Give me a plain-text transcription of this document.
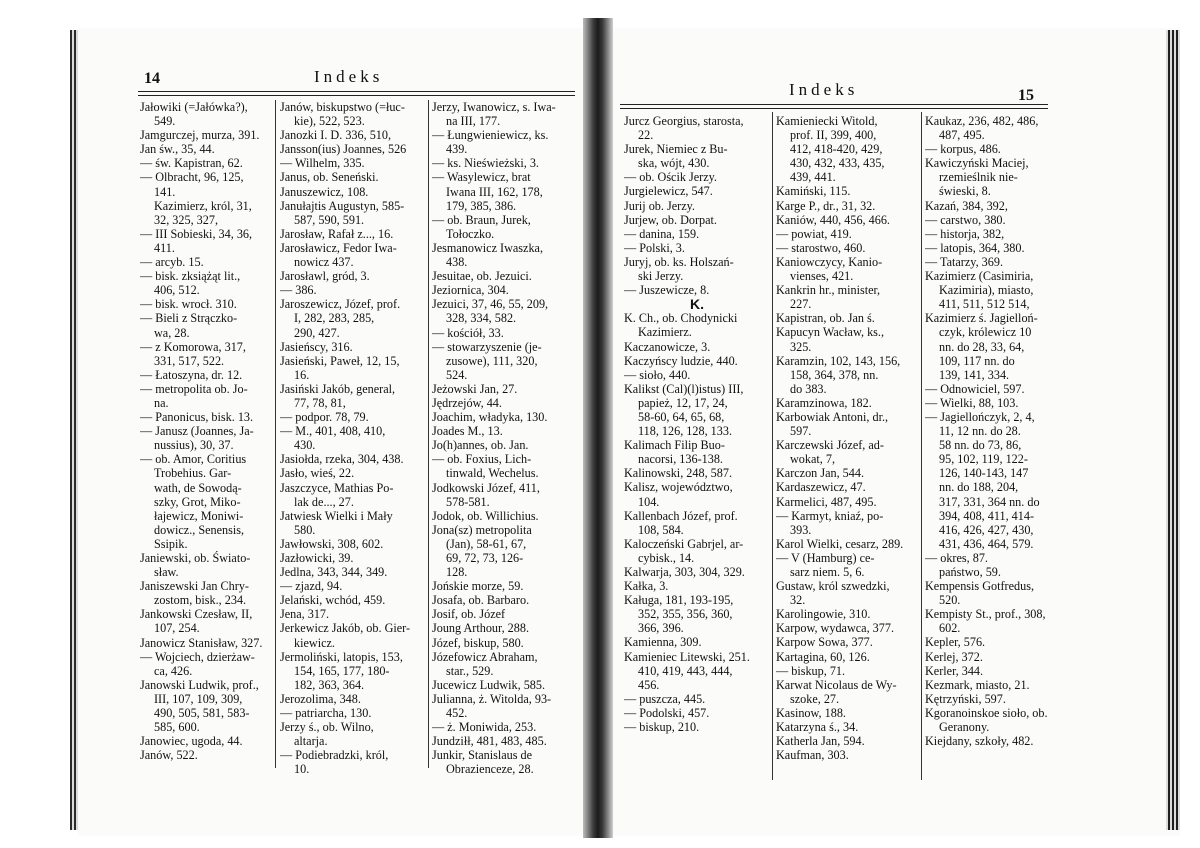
14	Indeks
Indeks	15
Jałowiki (=Jałówka?),
549.
Jamgurczej, murza, 391.
Jan św., 35, 44.
— św. Kapistran, 62.
— Olbracht, 96, 125,
141.
Kazimierz, król, 31,
32, 325, 327,
— III Sobieski, 34, 36,
411.
— arcyb. 15.
— bisk. zksiążąt lit.,
406, 512.
— bisk. wrocł. 310.
— Bieli z Strączko-
wa, 28.
— z Komorowa, 317,
331, 517, 522.
— Łatoszyna, dr. 12.
— metropolita ob. Jo-
na.
— Panonicus, bisk. 13.
— Janusz (Joannes, Ja-
nussius), 30, 37.
— ob. Amor, Coritius
Trobehius. Gar-
wath, de Sowodą-
szky, Grot, Miko-
łajewicz, Moniwi-
dowicz., Senensis,
Ssipik.
Janiewski, ob. Świato-
sław.
Janiszewski Jan Chry-
zostom, bisk., 234.
Jankowski Czesław, II,
107, 254.
Janowicz Stanisław, 327.
— Wojciech, dzierżaw-
ca, 426.
Janowski Ludwik, prof.,
III, 107, 109, 309,
490, 505, 581, 583-
585, 600.
Janowiec, ugoda, 44.
Janów, 522.
Janów, biskupstwo (=łuc-
kie), 522, 523.
Janozki I. D. 336, 510,
Jansson(ius) Joannes, 526
— Wilhelm, 335.
Janus, ob. Seneński.
Januszewicz, 108.
Janułajtis Augustyn, 585-
587, 590, 591.
Jarosław, Rafał z..., 16.
Jarosławicz, Fedor Iwa-
nowicz 437.
Jarosławl, gród, 3.
— 386.
Jaroszewicz, Józef, prof.
I, 282, 283, 285,
290, 427.
Jasieńscy, 316.
Jasieński, Paweł, 12, 15,
16.
Jasiński Jakób, general,
77, 78, 81,
— podpor. 78, 79.
— M., 401, 408, 410,
430.
Jasiołda, rzeka, 304, 438.
Jasło, wieś, 22.
Jaszczyce, Mathias Po-
lak de..., 27.
Jatwiesk Wielki i Mały
580.
Jawłowski, 308, 602.
Jazłowicki, 39.
Jedlna, 343, 344, 349.
— zjazd, 94.
Jelański, wchód, 459.
Jena, 317.
Jerkewicz Jakób, ob. Gier-
kiewicz.
Jermoliński, latopis, 153,
154, 165, 177, 180-
182, 363, 364.
Jerozolima, 348.
— patriarcha, 130.
Jerzy ś., ob. Wilno,
altarja.
— Podiebradzki, król,
10.
Jerzy, Iwanowicz, s. Iwa-
na III, 177.
— Łungwieniewicz, ks.
439.
— ks. Nieświeżski, 3.
— Wasylewicz, brat
Iwana III, 162, 178,
179, 385, 386.
— ob. Braun, Jurek,
Tołoczko.
Jesmanowicz Iwaszka,
438.
Jesuitae, ob. Jezuici.
Jeziornica, 304.
Jezuici, 37, 46, 55, 209,
328, 334, 582.
— kościół, 33.
— stowarzyszenie (je-
zusowe), 111, 320,
524.
Jeżowski Jan, 27.
Jędrzejów, 44.
Joachim, władyka, 130.
Joades M., 13.
Jo(h)annes, ob. Jan.
— ob. Foxius, Lich-
tinwald, Wechelus.
Jodkowski Józef, 411,
578-581.
Jodok, ob. Willichius.
Jona(sz) metropolita
(Jan), 58-61, 67,
69, 72, 73, 126-
128.
Jońskie morze, 59.
Josafa, ob. Barbaro.
Josif, ob. Józef
Joung Arthour, 288.
Józef, biskup, 580.
Józefowicz Abraham,
star., 529.
Jucewicz Ludwik, 585.
Julianna, ż. Witolda, 93-
452.
— ż. Moniwida, 253.
Jundziłł, 481, 483, 485.
Junkir, Stanislaus de
Obrazienceze, 28.
Jurcz Georgius, starosta,
22.
Jurek, Niemiec z Bu-
ska, wójt, 430.
— ob. Ościk Jerzy.
Jurgielewicz, 547.
Jurij ob. Jerzy.
Jurjew, ob. Dorpat.
— danina, 159.
— Polski, 3.
Juryj, ob. ks. Holszań-
ski Jerzy.
— Juszewicze, 8.
K.
K. Ch., ob. Chodynicki
Kazimierz.
Kaczanowicze, 3.
Kaczyńscy ludzie, 440.
— sioło, 440.
Kalikst (Cal)(l)istus) III,
papież, 12, 17, 24,
58-60, 64, 65, 68,
118, 126, 128, 133.
Kalimach Filip Buo-
nacorsi, 136-138.
Kalinowski, 248, 587.
Kalisz, województwo,
104.
Kallenbach Józef, prof.
108, 584.
Kaloczeński Gabrjel, ar-
cybisk., 14.
Kalwarja, 303, 304, 329.
Kałka, 3.
Kaługa, 181, 193-195,
352, 355, 356, 360,
366, 396.
Kamienna, 309.
Kamieniec Litewski, 251.
410, 419, 443, 444,
456.
— puszcza, 445.
— Podolski, 457.
— biskup, 210.
Kamieniecki Witold,
prof. II, 399, 400,
412, 418-420, 429,
430, 432, 433, 435,
439, 441.
Kamiński, 115.
Karge P., dr., 31, 32.
Kaniów, 440, 456, 466.
— powiat, 419.
— starostwo, 460.
Kaniowczycy, Kanio-
vienses, 421.
Kankrin hr., minister,
227.
Kapistran, ob. Jan ś.
Kapucyn Wacław, ks.,
325.
Karamzin, 102, 143, 156,
158, 364, 378, nn.
do 383.
Karamzinowa, 182.
Karbowiak Antoni, dr.,
597.
Karczewski Józef, ad-
wokat, 7,
Karczon Jan, 544.
Kardaszewicz, 47.
Karmelici, 487, 495.
— Karmyt, kniaź, po-
393.
Karol Wielki, cesarz, 289.
— V (Hamburg) ce-
sarz niem. 5, 6.
Gustaw, król szwedzki,
32.
Karolingowie, 310.
Karpow, wydawca, 377.
Karpow Sowa, 377.
Kartagina, 60, 126.
— biskup, 71.
Karwat Nicolaus de Wy-
szoke, 27.
Kasinow, 188.
Katarzyna ś., 34.
Katherla Jan, 594.
Kaufman, 303.
Kaukaz, 236, 482, 486,
487, 495.
— korpus, 486.
Kawiczyński Maciej,
rzemieślnik nie-
świeski, 8.
Kazań, 384, 392,
— carstwo, 380.
— historja, 382,
— latopis, 364, 380.
— Tatarzy, 369.
Kazimierz (Casimiria,
Kazimiria), miasto,
411, 511, 512 514,
Kazimierz ś. Jagielloń-
czyk, królewicz 10
nn. do 28, 33, 64,
109, 117 nn. do
139, 141, 334.
— Odnowiciel, 597.
— Wielki, 88, 103.
— Jagiellończyk, 2, 4,
11, 12 nn. do 28.
58 nn. do 73, 86,
95, 102, 119, 122-
126, 140-143, 147
nn. do 188, 204,
317, 331, 364 nn. do
394, 408, 411, 414-
416, 426, 427, 430,
431, 436, 464, 579.
— okres, 87.
państwo, 59.
Kempensis Gotfredus,
520.
Kempisty St., prof., 308,
602.
Kepler, 576.
Kerlej, 372.
Kerler, 344.
Kezmark, miasto, 21.
Kętrzyński, 597.
Kgoranoinskoe sioło, ob.
Geranony.
Kiejdany, szkoły, 482.
